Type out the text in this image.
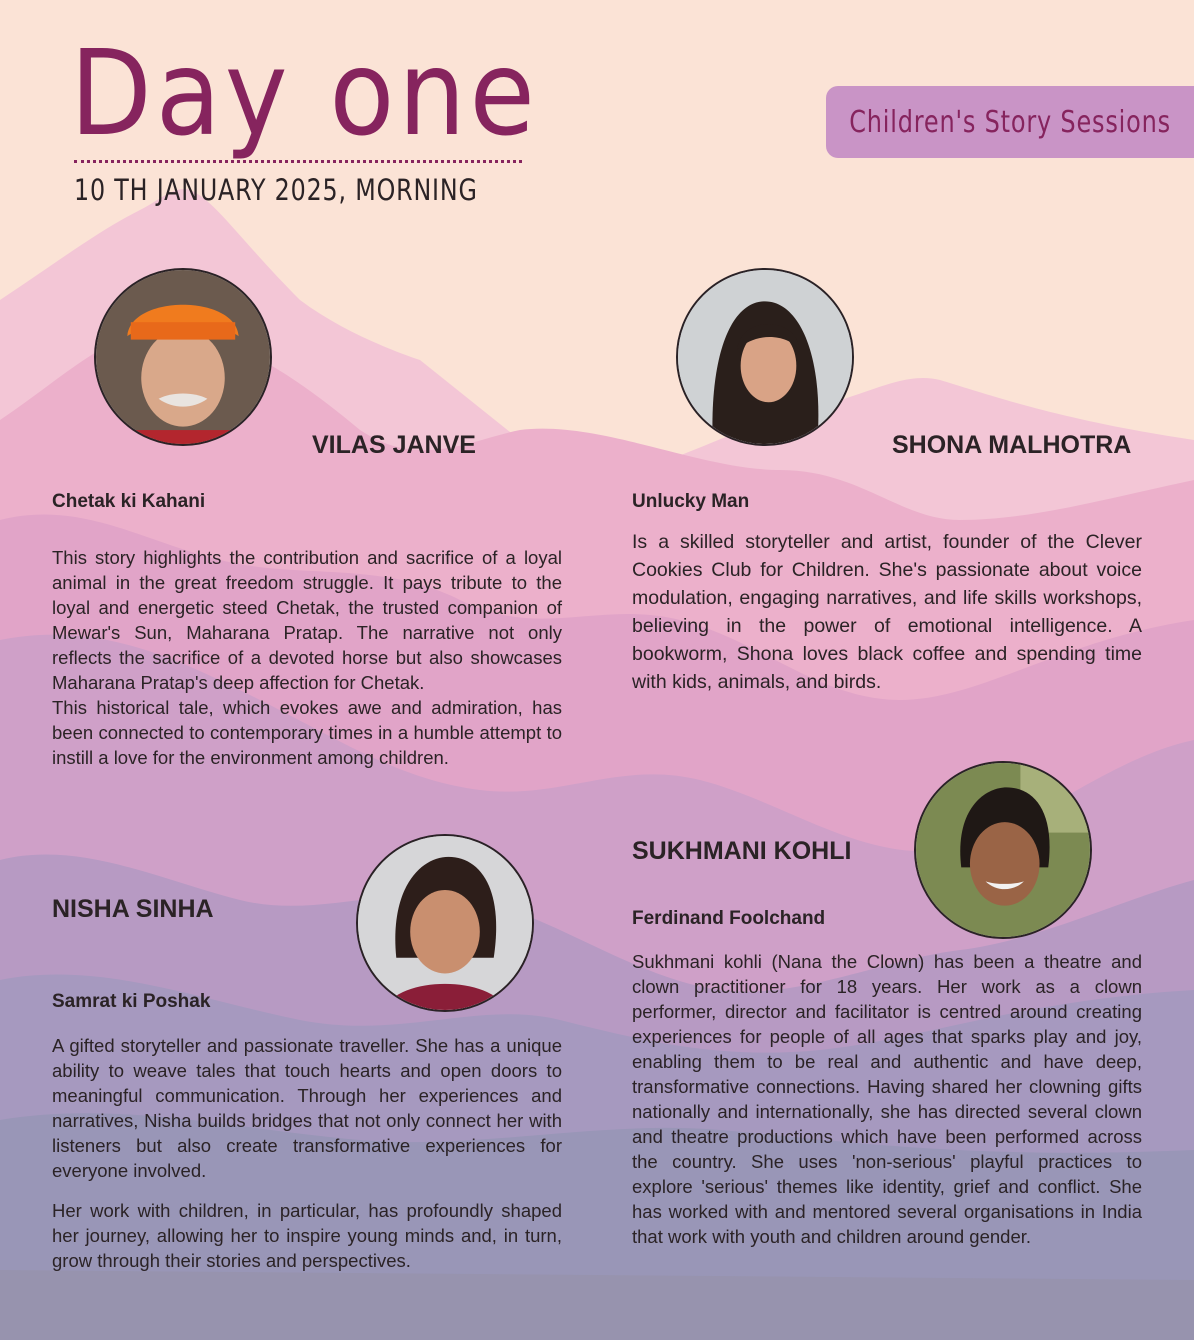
Day one
10 TH JANUARY 2025, MORNING
Children's Story Sessions
VILAS JANVE
Chetak ki Kahani

This story highlights the contribution and sacrifice of a loyal animal in the great freedom struggle. It pays tribute to the loyal and energetic steed Chetak, the trusted companion of Mewar's Sun, Maharana Pratap. The narrative not only reflects the sacrifice of a devoted horse but also showcases Maharana Pratap's deep affection for Chetak.

This historical tale, which evokes awe and admiration, has been connected to contemporary times in a humble attempt to instill a love for the environment among children.

SHONA MALHOTRA
Unlucky Man

Is a skilled storyteller and artist, founder of the Clever Cookies Club for Children. She's passionate about voice modulation, engaging narratives, and life skills workshops, believing in the power of emotional intelligence. A bookworm, Shona loves black coffee and spending time with kids, animals, and birds.

NISHA SINHA
Samrat ki Poshak

A gifted storyteller and passionate traveller. She has a unique ability to weave tales that touch hearts and open doors to meaningful communication. Through her experiences and narratives, Nisha builds bridges that not only connect her with listeners but also create transformative experiences for everyone involved.

Her work with children, in particular, has profoundly shaped her journey, allowing her to inspire young minds and, in turn, grow through their stories and perspectives.

SUKHMANI KOHLI
Ferdinand Foolchand

Sukhmani kohli (Nana the Clown) has been a theatre and clown practitioner for 18 years. Her work as a clown performer, director and facilitator is centred around creating experiences for people of all ages that sparks play and joy, enabling them to be real and authentic and have deep, transformative connections. Having shared her clowning gifts nationally and internationally, she has directed several clown and theatre productions which have been performed across the country. She uses 'non-serious' playful practices to explore 'serious' themes like identity, grief and conflict. She has worked with and mentored several organisations in India that work with youth and children around gender.
